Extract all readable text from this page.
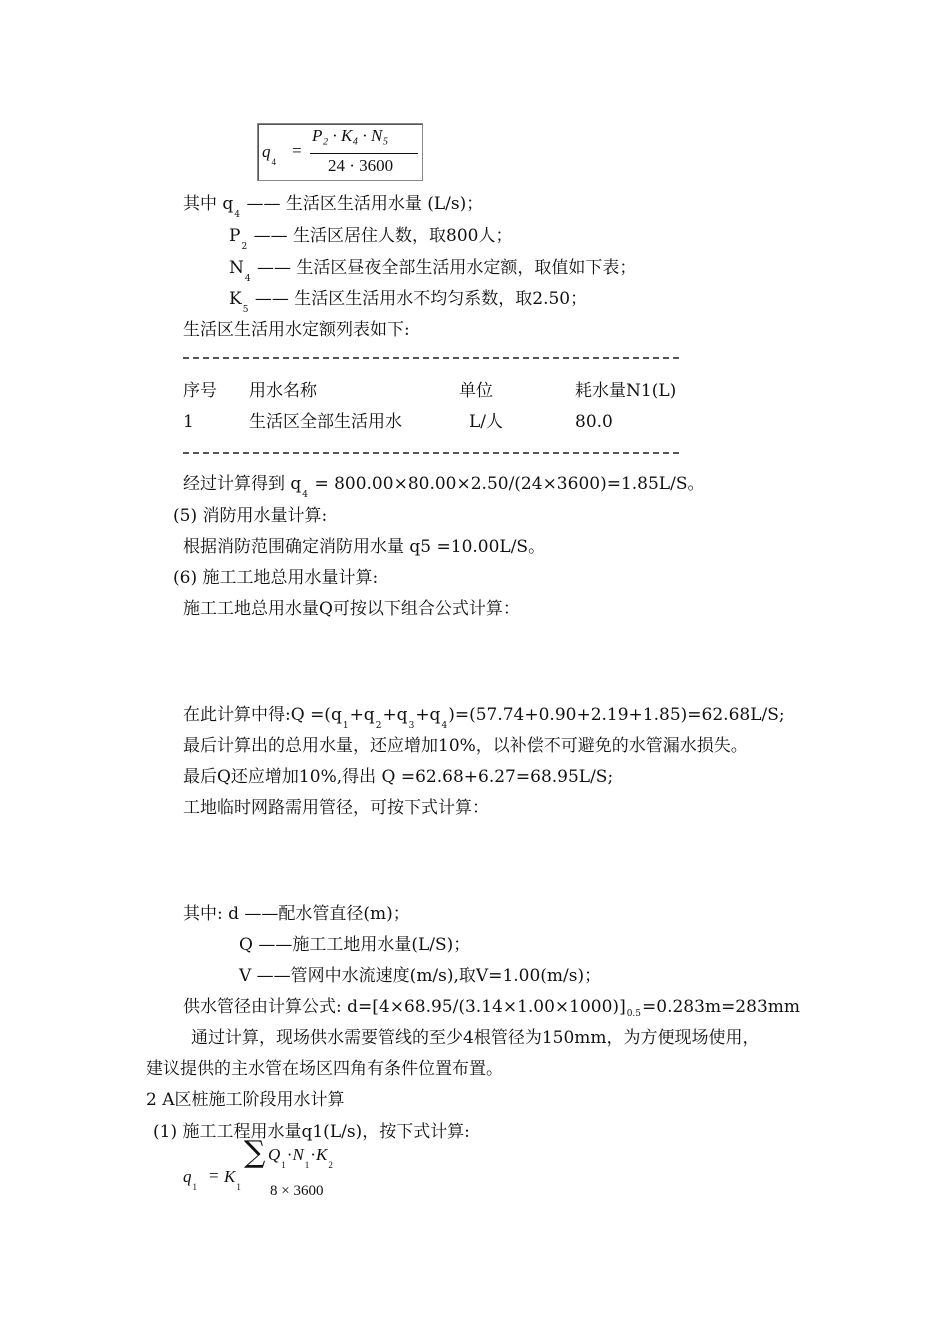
$q_4$
=
P₂ · K₄ · N₅
24 · 3600
其中 $q_4$ —— 生活区生活用水量 (L/s)；
$P_2$ —— 生活区居住人数，取800人；
$N_4$ —— 生活区昼夜全部生活用水定额，取值如下表；
$K_5$ —— 生活区生活用水不均匀系数，取2.50；
生活区生活用水定额列表如下:
序号 用水名称	单位	耗水量N1(L)
1	生活区全部生活用水	L/人	80.0
经过计算得到 $q_4 = 800.00\times 80.00\times 2.50/(24\times 3600)=1.85L/S$。
(5) 消防用水量计算:
根据消防范围确定消防用水量 q5 =10.00L/S。
(6) 施工工地总用水量计算:
施工工地总用水量Q可按以下组合公式计算：
在此计算中得:Q $=(q_1+q_2+q_3+q_4)=(57.74+0.90+2.19+1.85)=62.68L/S$;
最后计算出的总用水量，还应增加10%，以补偿不可避免的水管漏水损失。
最后Q还应增加10%,得出 Q =62.68+6.27=68.95L/S;
工地临时网路需用管径，可按下式计算：
其中: d ——配水管直径(m)；
Q ——施工工地用水量(L/S)；
V ——管网中水流速度(m/s),取V=1.00(m/s)；
供水管径由计算公式: $d=[4\times 68.95/(3.14\times 1.00\times 1000)]_{0.5}=0.283m=283mm$
通过计算，现场供水需要管线的至少4根管径为150mm，为方便现场使用，
建议提供的主水管在场区四角有条件位置布置。
2 A区桩施工阶段用水计算
(1) 施工工程用水量q1(L/s)，按下式计算:
$q_1$
= $K_1$
∑ $Q_1\cdot N_1\cdot K_2$
8 × 3600
